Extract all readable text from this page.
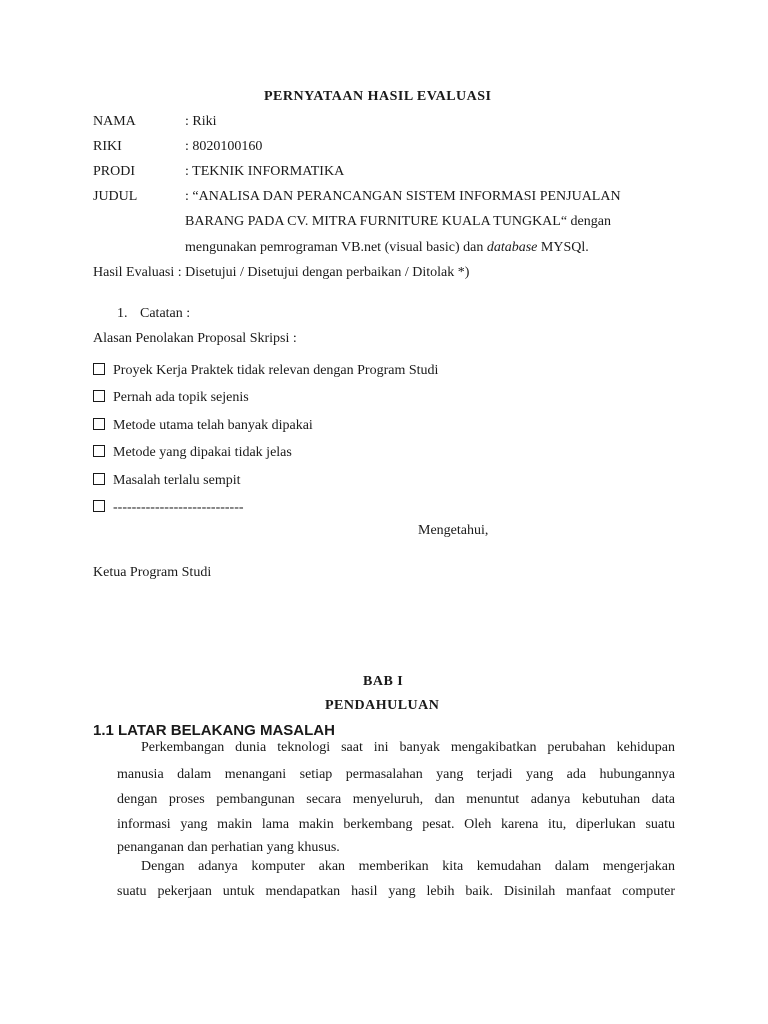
PERNYATAAN HASIL EVALUASI
NAMA	: Riki
RIKI	: 8020100160
PRODI	: TEKNIK INFORMATIKA
JUDUL	: “ANALISA DAN PERANCANGAN SISTEM INFORMASI PENJUALAN
BARANG PADA CV. MITRA FURNITURE KUALA TUNGKAL“ dengan
mengunakan pemrograman VB.net (visual basic) dan database MYSQl.
Hasil Evaluasi : Disetujui / Disetujui dengan perbaikan / Ditolak *)
1. Catatan :
Alasan Penolakan Proposal Skripsi :
Proyek Kerja Praktek tidak relevan dengan Program Studi
Pernah ada topik sejenis
Metode utama telah banyak dipakai
Metode yang dipakai tidak jelas
Masalah terlalu sempit
----------------------------
Mengetahui,
Ketua Program Studi
BAB I
PENDAHULUAN
1.1 LATAR BELAKANG MASALAH
Perkembangan dunia teknologi saat ini banyak mengakibatkan perubahan kehidupan
manusia dalam menangani setiap permasalahan yang terjadi yang ada hubungannya
dengan proses pembangunan secara menyeluruh, dan menuntut adanya kebutuhan data
informasi yang makin lama makin berkembang pesat. Oleh karena itu, diperlukan suatu
penanganan dan perhatian yang khusus.
Dengan adanya komputer akan memberikan kita kemudahan dalam mengerjakan
suatu pekerjaan untuk mendapatkan hasil yang lebih baik. Disinilah manfaat computer
